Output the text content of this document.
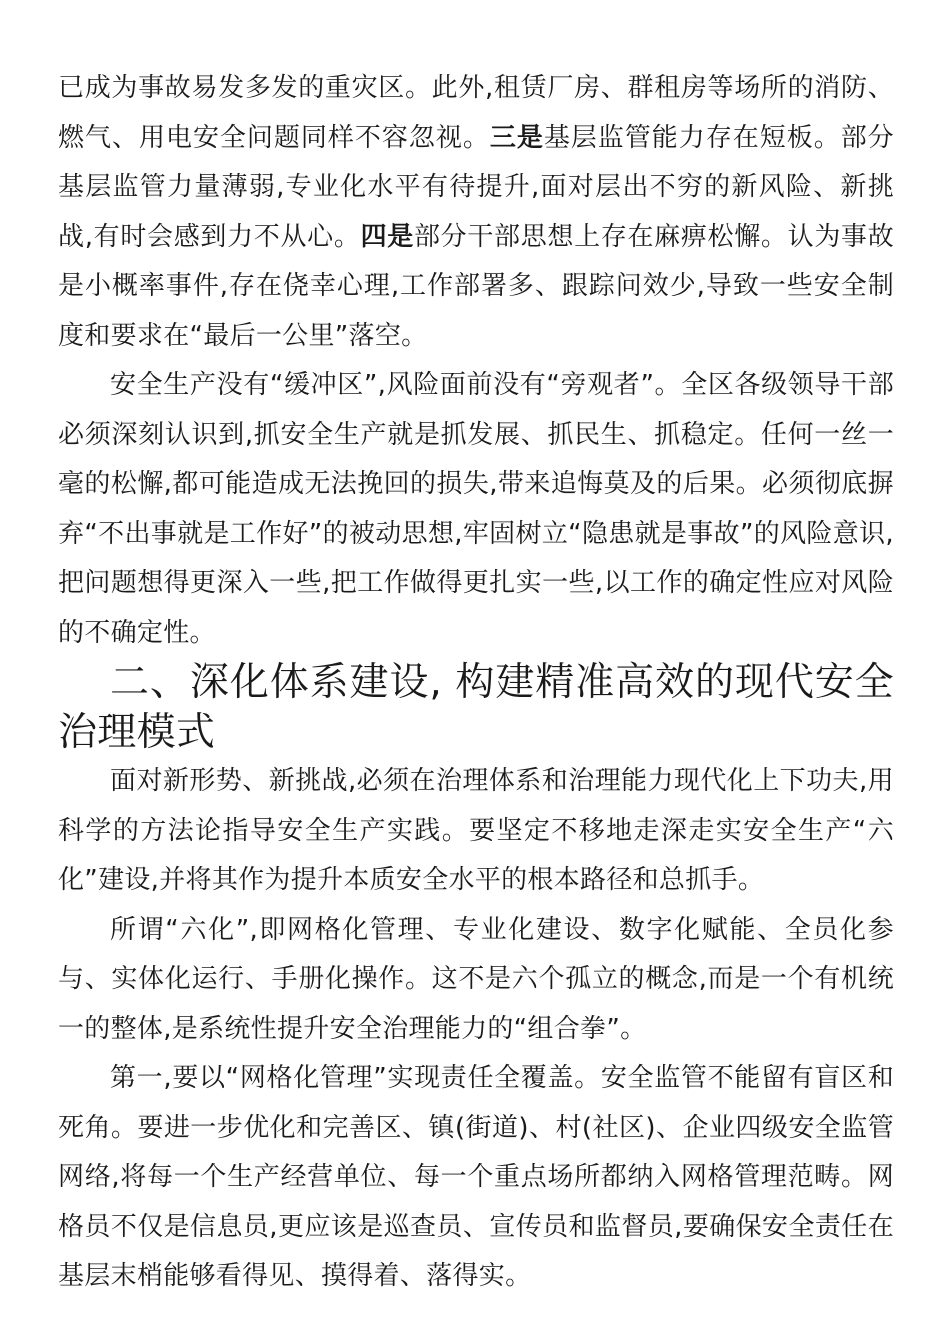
已成为事故易发多发的重灾区。此外,租赁厂房、群租房等场所的消防、燃气、用电安全问题同样不容忽视。三是基层监管能力存在短板。部分基层监管力量薄弱,专业化水平有待提升,面对层出不穷的新风险、新挑战,有时会感到力不从心。四是部分干部思想上存在麻痹松懈。认为事故是小概率事件,存在侥幸心理,工作部署多、跟踪问效少,导致一些安全制度和要求在“最后一公里”落空。

安全生产没有“缓冲区”,风险面前没有“旁观者”。全区各级领导干部必须深刻认识到,抓安全生产就是抓发展、抓民生、抓稳定。任何一丝一毫的松懈,都可能造成无法挽回的损失,带来追悔莫及的后果。必须彻底摒弃“不出事就是工作好”的被动思想,牢固树立“隐患就是事故”的风险意识,把问题想得更深入一些,把工作做得更扎实一些,以工作的确定性应对风险的不确定性。

二、深化体系建设, 构建精准高效的现代安全治理模式

面对新形势、新挑战,必须在治理体系和治理能力现代化上下功夫,用科学的方法论指导安全生产实践。要坚定不移地走深走实安全生产“六化”建设,并将其作为提升本质安全水平的根本路径和总抓手。

所谓“六化”,即网格化管理、专业化建设、数字化赋能、全员化参与、实体化运行、手册化操作。这不是六个孤立的概念,而是一个有机统一的整体,是系统性提升安全治理能力的“组合拳”。

第一,要以“网格化管理”实现责任全覆盖。安全监管不能留有盲区和死角。要进一步优化和完善区、镇(街道)、村(社区)、企业四级安全监管网络,将每一个生产经营单位、每一个重点场所都纳入网格管理范畴。网格员不仅是信息员,更应该是巡查员、宣传员和监督员,要确保安全责任在基层末梢能够看得见、摸得着、落得实。
